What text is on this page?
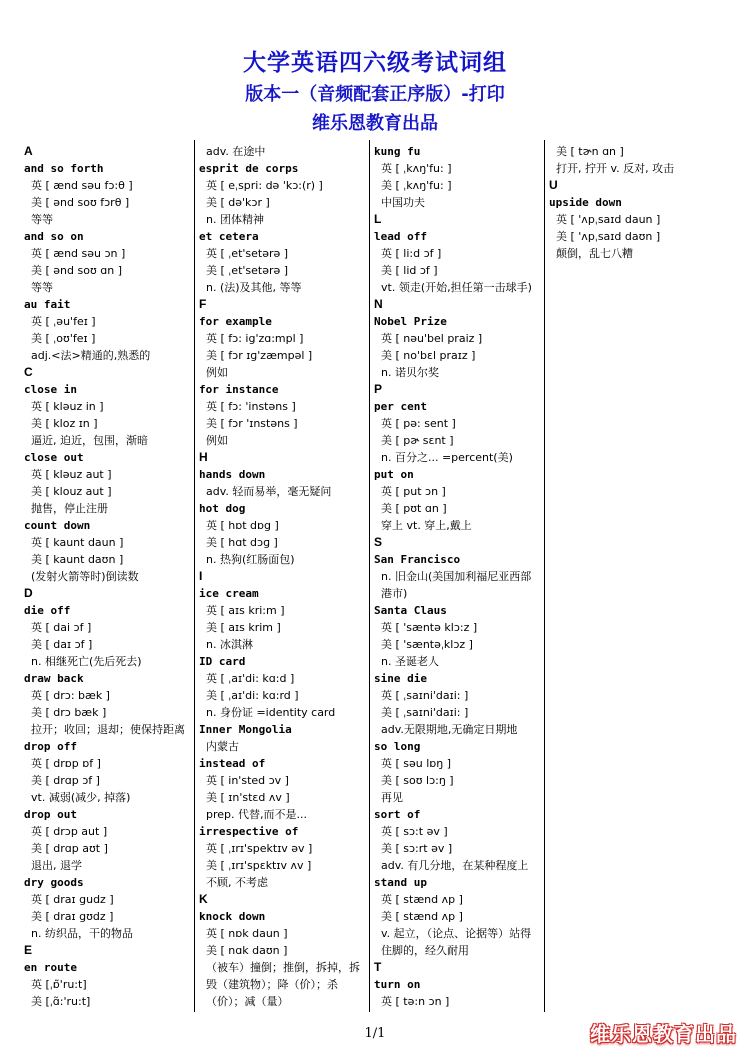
大学英语四六级考试词组
版本一（音频配套正序版）-打印
维乐恩教育出品
A
and so forth
英 [ ænd səu fɔ:θ ]
美 [ ənd soʊ fɔrθ ]
等等
and so on
英 [ ænd səu ɔn ]
美 [ ənd soʊ ɑn ]
等等
au fait
英 [ ˌəu'feɪ ]
美 [ ˌoʊ'feɪ ]
adj.<法>精通的,熟悉的
C
close in
英 [ kləuz in ]
美 [ kloz ɪn ]
逼近, 迫近，包围，渐暗
close out
英 [ kləuz aut ]
美 [ klouz aut ]
抛售，停止注册
count down
英 [ kaunt daun ]
美 [ kaunt daʊn ]
(发射火箭等时)倒读数
D
die off
英 [ dai ɔf ]
美 [ daɪ ɔf ]
n. 相继死亡(先后死去)
draw back
英 [ drɔ: bæk ]
美 [ drɔ bæk ]
拉开；收回；退却；使保持距离
drop off
英 [ drɒp ɒf ]
美 [ drɑp ɔf ]
vt. 减弱(减少, 掉落)
drop out
英 [ drɔp aut ]
美 [ drɑp aʊt ]
退出, 退学
dry goods
英 [ draɪ gudz ]
美 [ draɪ gʊdz ]
n. 纺织品，干的物品
E
en route
英 [ˌɒ̃'ru:t]
美 [ˌɑ̃:'ru:t]
adv. 在途中
esprit de corps
英 [ eˌspri: də 'kɔ:(r) ]
美 [ də'kɔr ]
n. 团体精神
et cetera
英 [ ˌet'setərə ]
美 [ ˌet'setərə ]
n. (法)及其他, 等等
F
for example
英 [ fɔ: ig'zɑ:mpl ]
美 [ fɔr ɪɡ'zæmpəl ]
例如
for instance
英 [ fɔ: 'instəns ]
美 [ fɔr 'ɪnstəns ]
例如
H
hands down
adv. 轻而易举，毫无疑问
hot dog
英 [ hɒt dɒg ]
美 [ hɑt dɔɡ ]
n. 热狗(红肠面包)
I
ice cream
英 [ aɪs kri:m ]
美 [ aɪs krim ]
n. 冰淇淋
ID card
英 [ ˌaɪ'di: kɑ:d ]
美 [ ˌaɪ'di: kɑ:rd ]
n. 身份证 =identity card
Inner Mongolia
内蒙古
instead of
英 [ in'sted ɔv ]
美 [ ɪn'stɛd ʌv ]
prep. 代替,而不是...
irrespective of
英 [ ˌɪrɪ'spektɪv əv ]
美 [ ˌɪrɪ'spɛktɪv ʌv ]
不顾, 不考虑
K
knock down
英 [ nɒk daun ]
美 [ nɑk daʊn ]
（被车）撞倒；推倒，拆掉，拆毁（建筑物）；降（价）；杀（价）；减（量）
kung fu
英 [ ˌkʌŋ'fu: ]
美 [ ˌkʌŋ'fu: ]
中国功夫
L
lead off
英 [ li:d ɔf ]
美 [ lid ɔf ]
vt. 领走(开始,担任第一击球手)
N
Nobel Prize
英 [ nəu'bel praiz ]
美 [ no'bɛl praɪz ]
n. 诺贝尔奖
P
per cent
英 [ pə: sent ]
美 [ pɚ sɛnt ]
n. 百分之... =percent(美)
put on
英 [ put ɔn ]
美 [ pʊt ɑn ]
穿上 vt. 穿上,戴上
S
San Francisco
n. 旧金山(美国加利福尼亚西部港市)
Santa Claus
英 [ 'sæntə klɔ:z ]
美 [ 'sæntəˌklɔz ]
n. 圣诞老人
sine die
英 [ ˌsaɪni'daɪi: ]
美 [ ˌsaɪni'daɪi: ]
adv.无限期地,无确定日期地
so long
英 [ səu lɒŋ ]
美 [ soʊ lɔ:ŋ ]
再见
sort of
英 [ sɔ:t əv ]
美 [ sɔ:rt əv ]
adv. 有几分地，在某种程度上
stand up
英 [ stænd ʌp ]
美 [ stænd ʌp ]
v. 起立，（论点、论据等）站得住脚的，经久耐用
T
turn on
英 [ tə:n ɔn ]
美 [ tɚn ɑn ]
打开, 拧开 v. 反对, 攻击
U
upside down
英 [ 'ʌpˌsaɪd daun ]
美 [ 'ʌpˌsaɪd daʊn ]
颠倒，乱七八糟
1/1	维乐恩教育出品
